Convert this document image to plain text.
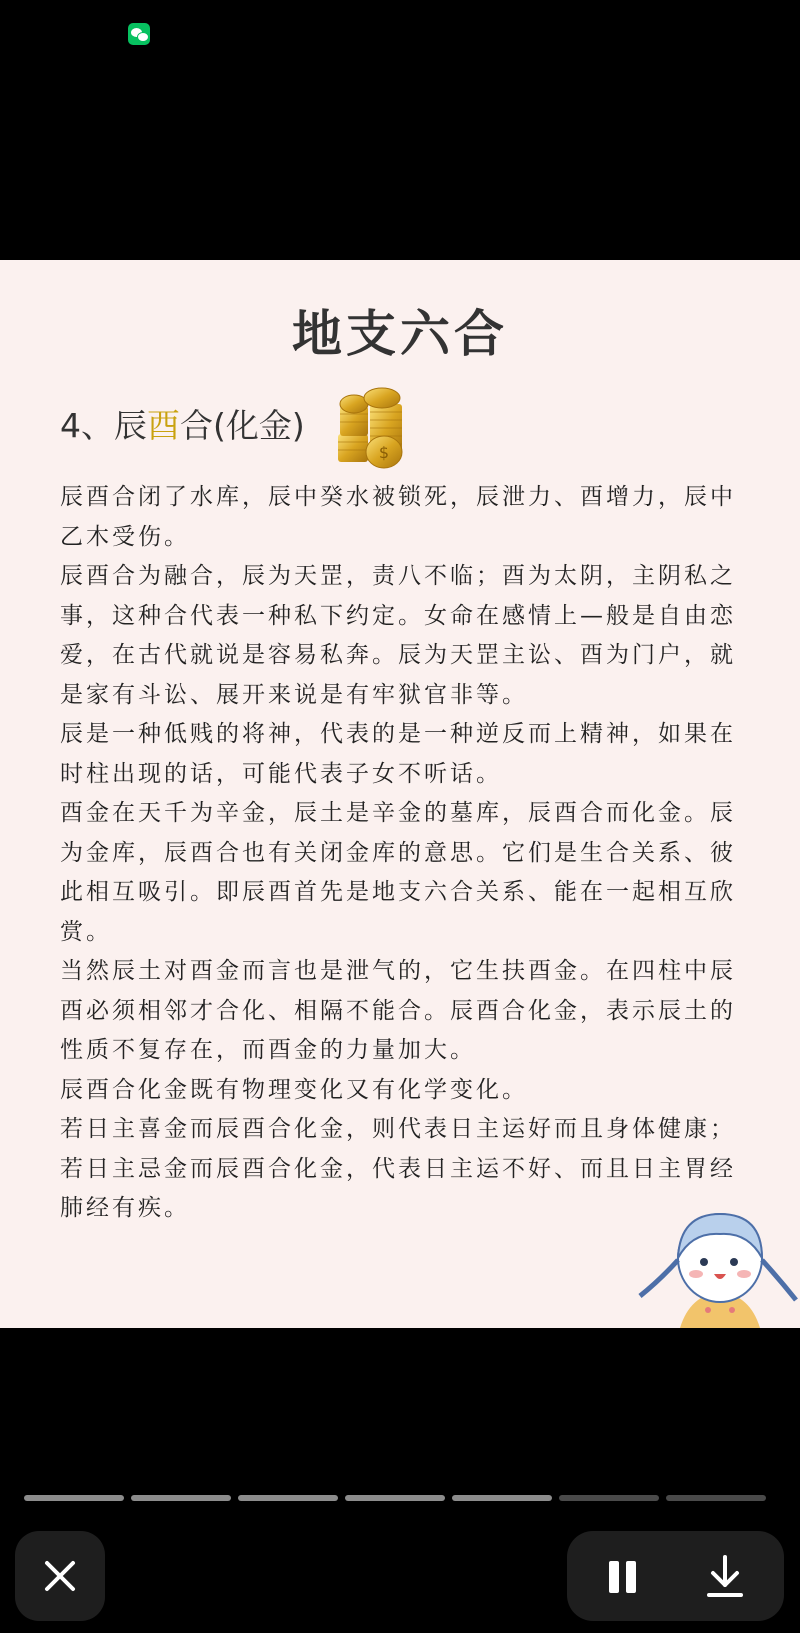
地支六合
4、辰酉合(化金)
$

辰酉合闭了水库，辰中癸水被锁死，辰泄力、酉增力，辰中乙木受伤。

辰酉合为融合，辰为天罡，责八不临；酉为太阴，主阴私之事，这种合代表一种私下约定。女命在感情上—般是自由恋爱，在古代就说是容易私奔。辰为天罡主讼、酉为门户，就是家有斗讼、展开来说是有牢狱官非等。

辰是一种低贱的将神，代表的是一种逆反而上精神，如果在时柱出现的话，可能代表子女不听话。

酉金在天千为辛金，辰土是辛金的墓库，辰酉合而化金。辰为金库，辰酉合也有关闭金库的意思。它们是生合关系、彼此相互吸引。即辰酉首先是地支六合关系、能在一起相互欣赏。

当然辰土对酉金而言也是泄气的，它生扶酉金。在四柱中辰酉必须相邻才合化、相隔不能合。辰酉合化金，表示辰土的性质不复存在，而酉金的力量加大。

辰酉合化金既有物理变化又有化学变化。

若日主喜金而辰酉合化金，则代表日主运好而且身体健康；若日主忌金而辰酉合化金，代表日主运不好、而且日主胃经肺经有疾。
